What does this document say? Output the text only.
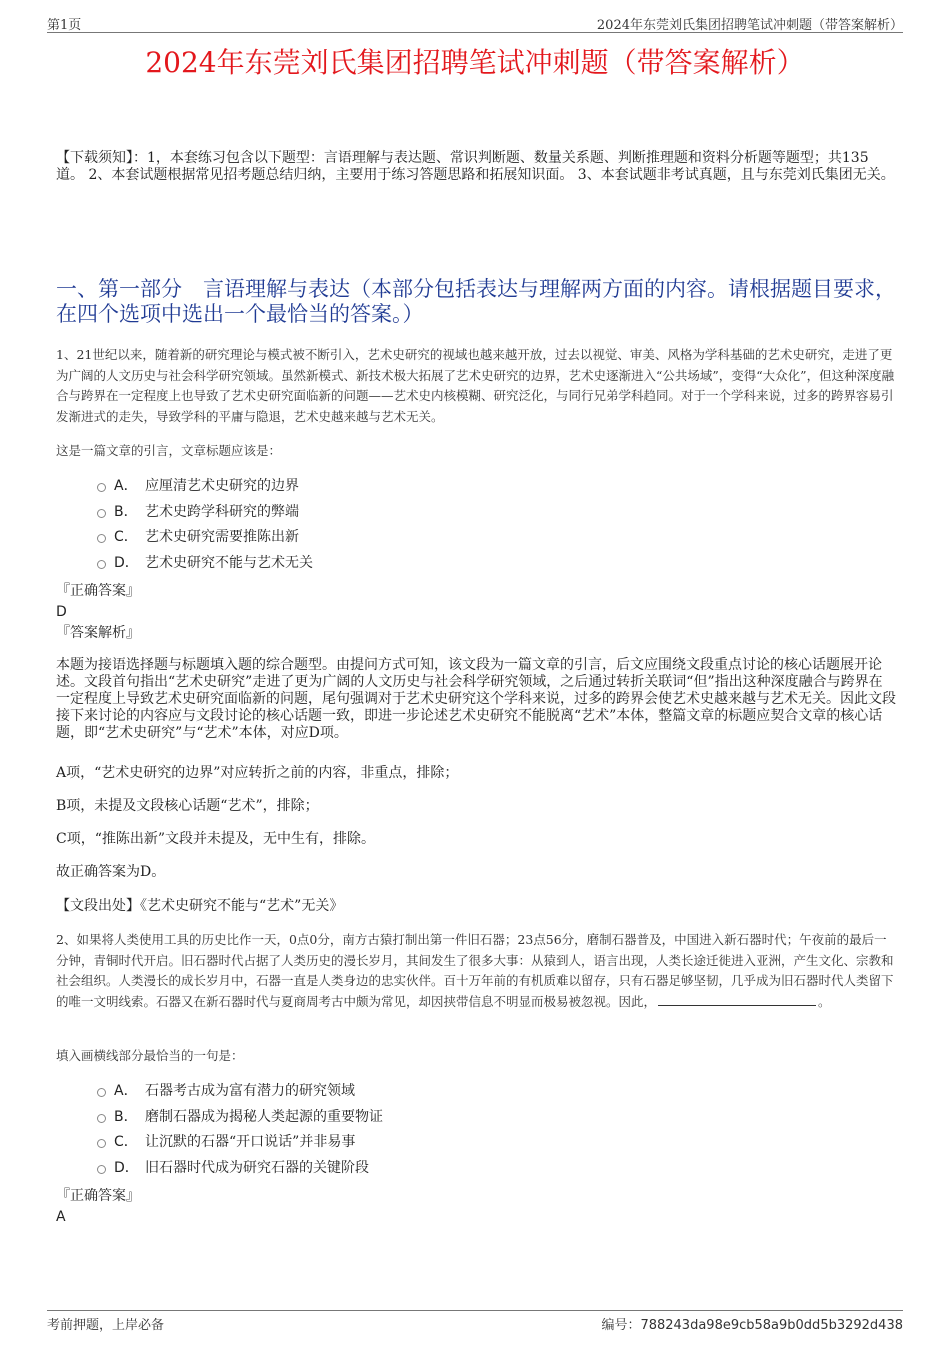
第1页	2024年东莞刘氏集团招聘笔试冲刺题（带答案解析）
2024年东莞刘氏集团招聘笔试冲刺题（带答案解析）
【下载须知】：1，本套练习包含以下题型：言语理解与表达题、常识判断题、数量关系题、判断推理题和资料分析题等题型；共135道。 2、本套试题根据常见招考题总结归纳，主要用于练习答题思路和拓展知识面。 3、本套试题非考试真题，且与东莞刘氏集团无关。
一、第一部分　言语理解与表达（本部分包括表达与理解两方面的内容。请根据题目要求，在四个选项中选出一个最恰当的答案。）
1、21世纪以来，随着新的研究理论与模式被不断引入，艺术史研究的视域也越来越开放，过去以视觉、审美、风格为学科基础的艺术史研究，走进了更为广阔的人文历史与社会科学研究领域。虽然新模式、新技术极大拓展了艺术史研究的边界，艺术史逐渐进入“公共场域”，变得“大众化”，但这种深度融合与跨界在一定程度上也导致了艺术史研究面临新的问题——艺术史内核模糊、研究泛化，与同行兄弟学科趋同。对于一个学科来说，过多的跨界容易引发渐进式的走失，导致学科的平庸与隐退，艺术史越来越与艺术无关。
这是一篇文章的引言，文章标题应该是：
A． 应厘清艺术史研究的边界
B． 艺术史跨学科研究的弊端
C． 艺术史研究需要推陈出新
D． 艺术史研究不能与艺术无关
『正确答案』
D
『答案解析』
本题为接语选择题与标题填入题的综合题型。由提问方式可知，该文段为一篇文章的引言，后文应围绕文段重点讨论的核心话题展开论述。文段首句指出“艺术史研究”走进了更为广阔的人文历史与社会科学研究领域，之后通过转折关联词“但”指出这种深度融合与跨界在一定程度上导致艺术史研究面临新的问题，尾句强调对于艺术史研究这个学科来说，过多的跨界会使艺术史越来越与艺术无关。因此文段接下来讨论的内容应与文段讨论的核心话题一致，即进一步论述艺术史研究不能脱离“艺术”本体，整篇文章的标题应契合文章的核心话题，即“艺术史研究”与“艺术”本体，对应D项。
A项，“艺术史研究的边界”对应转折之前的内容，非重点，排除；
B项，未提及文段核心话题“艺术”，排除；
C项，“推陈出新”文段并未提及，无中生有，排除。
故正确答案为D。
【文段出处】《艺术史研究不能与“艺术”无关》
2、如果将人类使用工具的历史比作一天，0点0分，南方古猿打制出第一件旧石器；23点56分，磨制石器普及，中国进入新石器时代；午夜前的最后一分钟，青铜时代开启。旧石器时代占据了人类历史的漫长岁月，其间发生了很多大事：从猿到人，语言出现，人类长途迁徙进入亚洲，产生文化、宗教和社会组织。人类漫长的成长岁月中，石器一直是人类身边的忠实伙伴。百十万年前的有机质难以留存，只有石器足够坚韧，几乎成为旧石器时代人类留下的唯一文明线索。石器又在新石器时代与夏商周考古中颇为常见，却因挟带信息不明显而极易被忽视。因此，	。
填入画横线部分最恰当的一句是：
A． 石器考古成为富有潜力的研究领域
B． 磨制石器成为揭秘人类起源的重要物证
C． 让沉默的石器“开口说话”并非易事
D． 旧石器时代成为研究石器的关键阶段
『正确答案』
A
考前押题，上岸必备	编号：788243da98e9cb58a9b0dd5b3292d438
